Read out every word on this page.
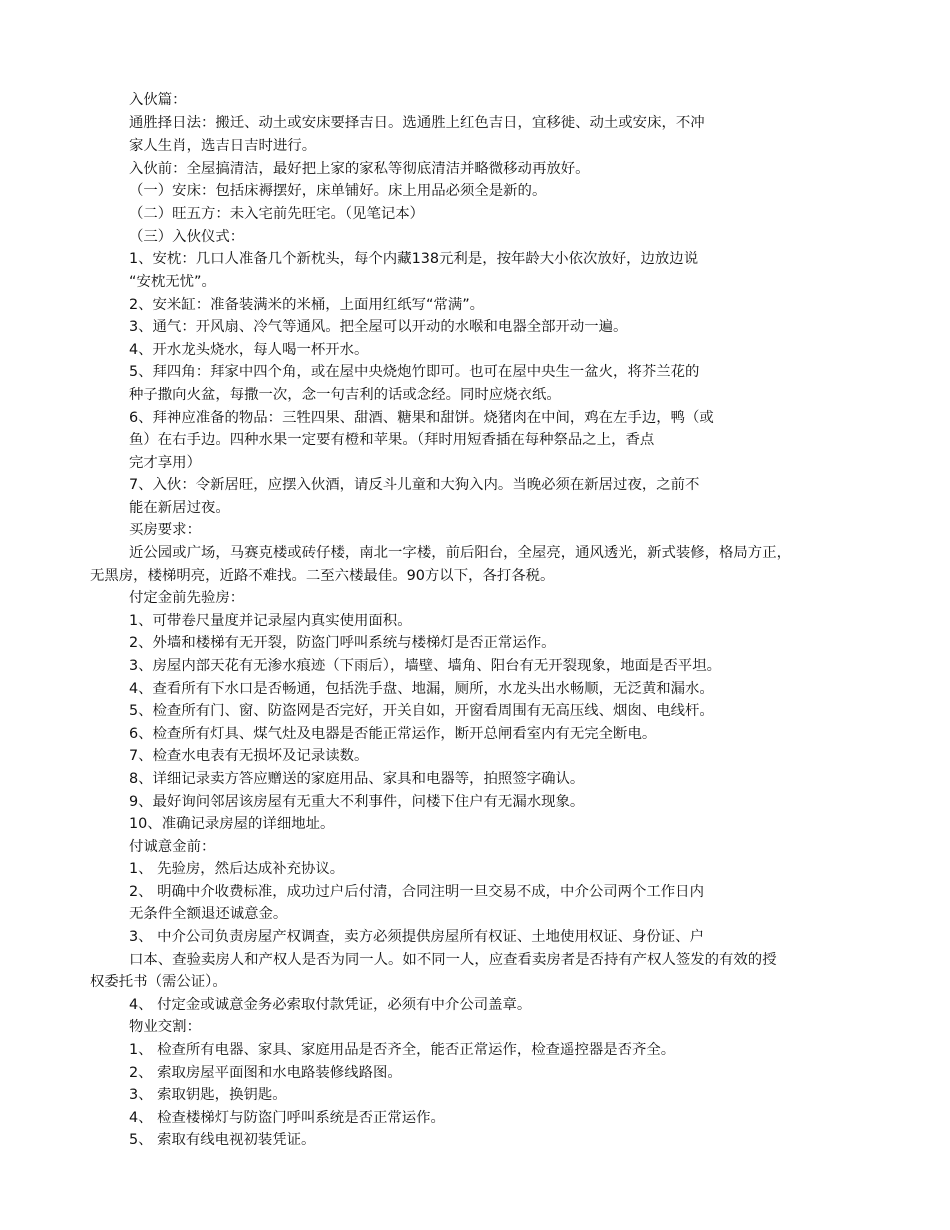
入伙篇：
通胜择日法：搬迁、动土或安床要择吉日。选通胜上红色吉日，宜移徙、动土或安床，不冲
家人生肖，选吉日吉时进行。
入伙前：全屋搞清洁，最好把上家的家私等彻底清洁并略微移动再放好。
（一）安床：包括床褥摆好，床单铺好。床上用品必须全是新的。
（二）旺五方：未入宅前先旺宅。（见笔记本）
（三）入伙仪式：
1、安枕：几口人准备几个新枕头，每个内藏138元利是，按年龄大小依次放好，边放边说
“安枕无忧”。
2、安米缸：准备装满米的米桶，上面用红纸写“常满”。
3、通气：开风扇、冷气等通风。把全屋可以开动的水喉和电器全部开动一遍。
4、开水龙头烧水，每人喝一杯开水。
5、拜四角：拜家中四个角，或在屋中央烧炮竹即可。也可在屋中央生一盆火，将芥兰花的
种子撒向火盆，每撒一次，念一句吉利的话或念经。同时应烧衣纸。
6、拜神应准备的物品：三牲四果、甜酒、糖果和甜饼。烧猪肉在中间，鸡在左手边，鸭（或
鱼）在右手边。四种水果一定要有橙和苹果。（拜时用短香插在每种祭品之上，香点
完才享用）
7、入伙：令新居旺，应摆入伙酒，请反斗儿童和大狗入内。当晚必须在新居过夜，之前不
能在新居过夜。
买房要求：
近公园或广场，马赛克楼或砖仔楼，南北一字楼，前后阳台，全屋亮，通风透光，新式装修，格局方正，
无黑房，楼梯明亮，近路不难找。二至六楼最佳。90方以下，各打各税。
付定金前先验房：
1、可带卷尺量度并记录屋内真实使用面积。
2、外墙和楼梯有无开裂，防盗门呼叫系统与楼梯灯是否正常运作。
3、房屋内部天花有无渗水痕迹（下雨后），墙壁、墙角、阳台有无开裂现象，地面是否平坦。
4、查看所有下水口是否畅通，包括洗手盘、地漏，厕所，水龙头出水畅顺，无泛黄和漏水。
5、检查所有门、窗、防盗网是否完好，开关自如，开窗看周围有无高压线、烟囱、电线杆。
6、检查所有灯具、煤气灶及电器是否能正常运作，断开总闸看室内有无完全断电。
7、检查水电表有无损坏及记录读数。
8、详细记录卖方答应赠送的家庭用品、家具和电器等，拍照签字确认。
9、最好询问邻居该房屋有无重大不利事件，问楼下住户有无漏水现象。
10、准确记录房屋的详细地址。
付诚意金前：
1、 先验房，然后达成补充协议。
2、 明确中介收费标准，成功过户后付清，合同注明一旦交易不成，中介公司两个工作日内
无条件全额退还诚意金。
3、 中介公司负责房屋产权调查，卖方必须提供房屋所有权证、土地使用权证、身份证、户
口本、查验卖房人和产权人是否为同一人。如不同一人，应查看卖房者是否持有产权人签发的有效的授
权委托书（需公证）。
4、 付定金或诚意金务必索取付款凭证，必须有中介公司盖章。
物业交割：
1、 检查所有电器、家具、家庭用品是否齐全，能否正常运作，检查遥控器是否齐全。
2、 索取房屋平面图和水电路装修线路图。
3、 索取钥匙，换钥匙。
4、 检查楼梯灯与防盗门呼叫系统是否正常运作。
5、 索取有线电视初装凭证。
